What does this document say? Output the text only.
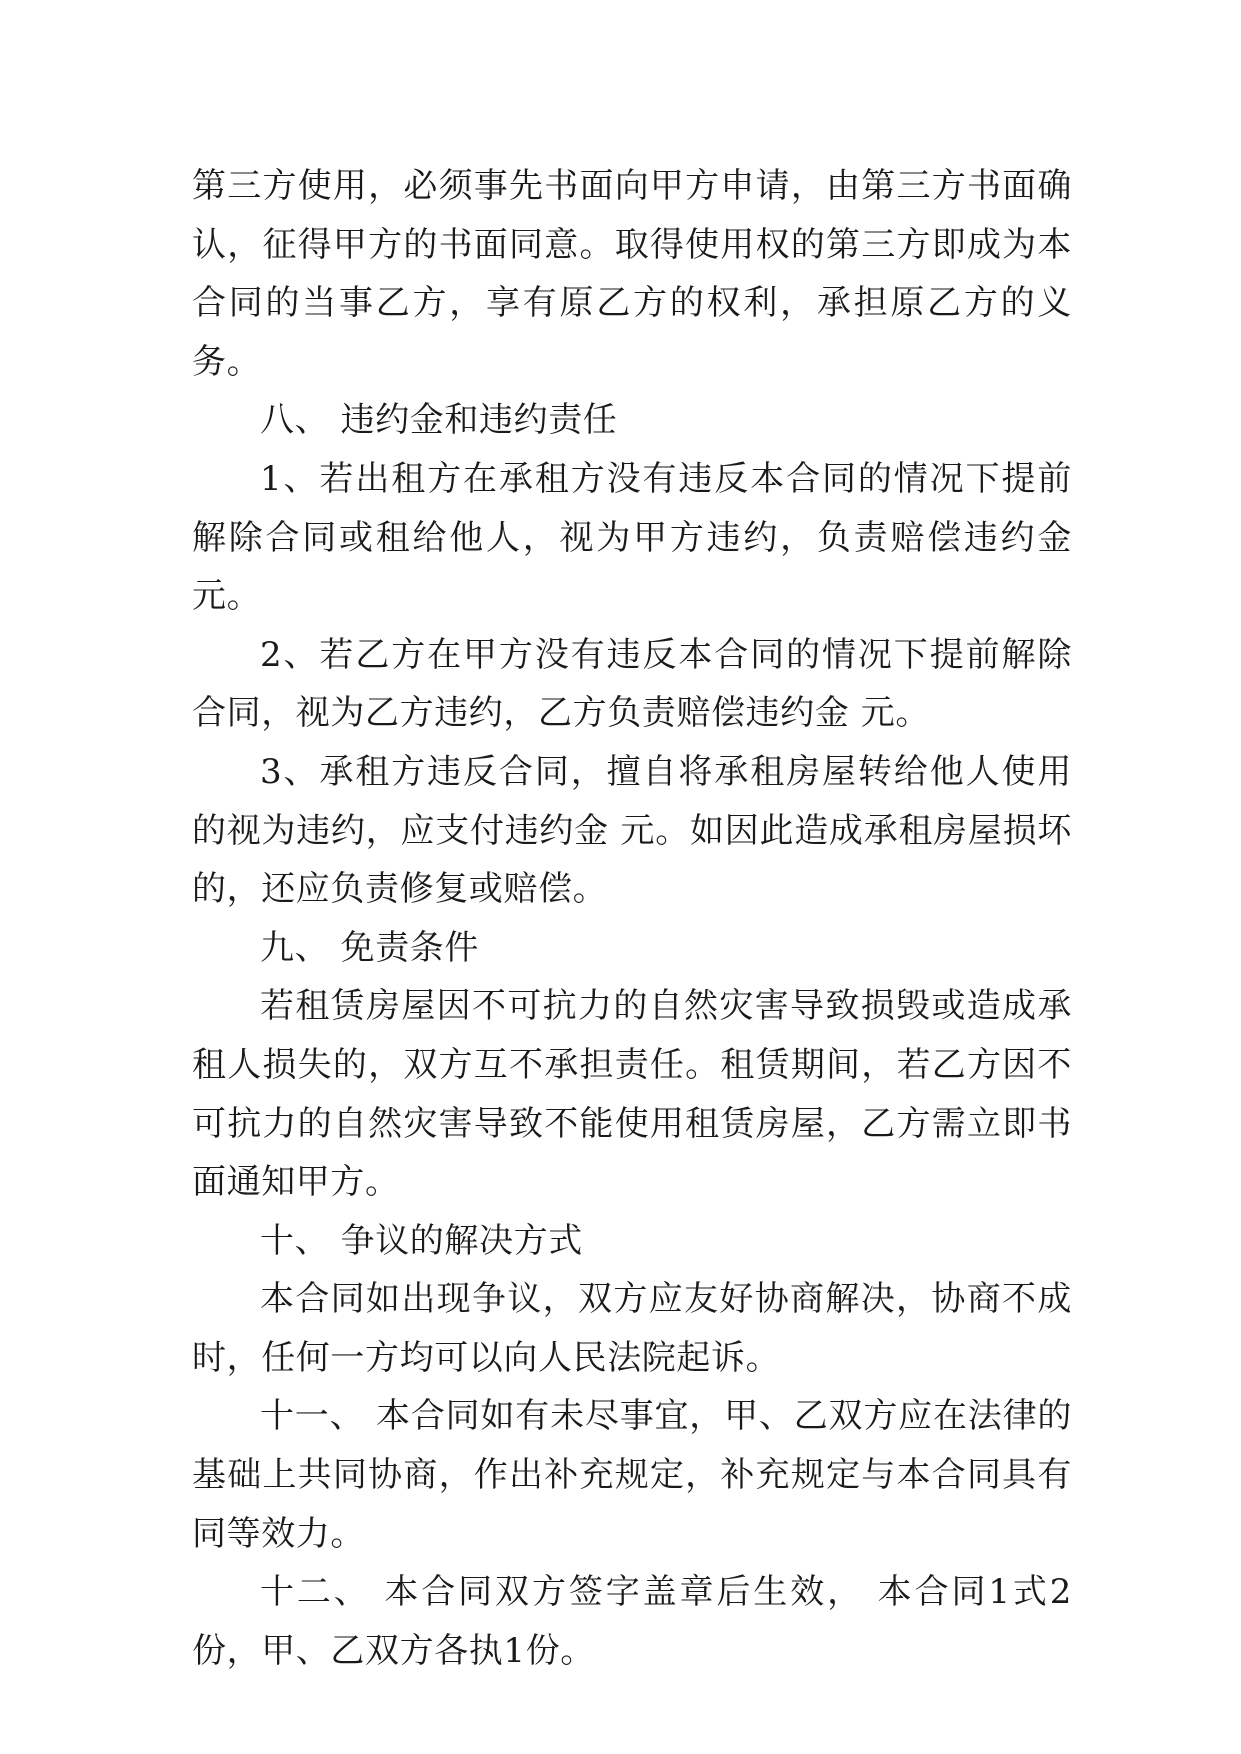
第三方使用，必须事先书面向甲方申请，由第三方书面确认，征得甲方的书面同意。取得使用权的第三方即成为本合同的当事乙方，享有原乙方的权利，承担原乙方的义务。

八、 违约金和违约责任

1、若出租方在承租方没有违反本合同的情况下提前解除合同或租给他人，视为甲方违约，负责赔偿违约金 元。

2、若乙方在甲方没有违反本合同的情况下提前解除合同，视为乙方违约，乙方负责赔偿违约金 元。

3、承租方违反合同，擅自将承租房屋转给他人使用的视为违约，应支付违约金 元。如因此造成承租房屋损坏的，还应负责修复或赔偿。

九、 免责条件

若租赁房屋因不可抗力的自然灾害导致损毁或造成承租人损失的，双方互不承担责任。租赁期间，若乙方因不可抗力的自然灾害导致不能使用租赁房屋，乙方需立即书面通知甲方。

十、 争议的解决方式

本合同如出现争议，双方应友好协商解决，协商不成时，任何一方均可以向人民法院起诉。

十一、 本合同如有未尽事宜，甲、乙双方应在法律的基础上共同协商，作出补充规定，补充规定与本合同具有同等效力。

十二、 本合同双方签字盖章后生效， 本合同1式2份，甲、乙双方各执1份。
